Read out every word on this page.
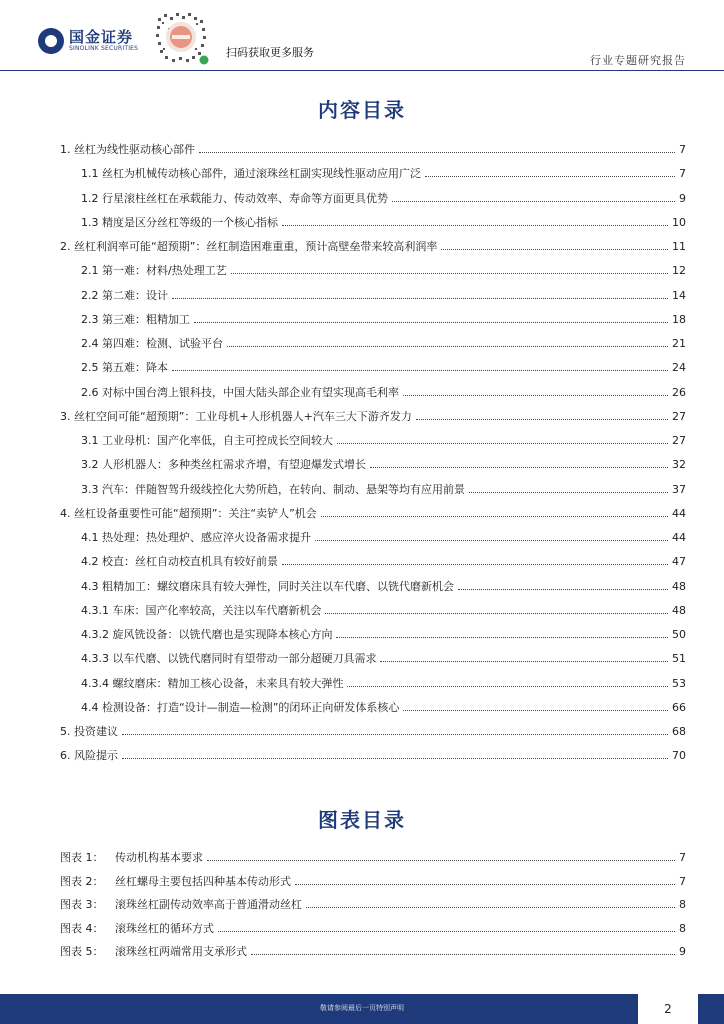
国金证券
SINOLINK SECURITIES	扫码获取更多服务
行业专题研究报告
内容目录
1. 丝杠为线性驱动核心部件	7
1.1 丝杠为机械传动核心部件，通过滚珠丝杠副实现线性驱动应用广泛	7
1.2 行星滚柱丝杠在承载能力、传动效率、寿命等方面更具优势	9
1.3 精度是区分丝杠等级的一个核心指标	10
2. 丝杠利润率可能“超预期”：丝杠制造困难重重，预计高壁垒带来较高利润率	11
2.1 第一难：材料/热处理工艺	12
2.2 第二难：设计	14
2.3 第三难：粗精加工	18
2.4 第四难：检测、试验平台	21
2.5 第五难：降本	24
2.6 对标中国台湾上银科技，中国大陆头部企业有望实现高毛利率	26
3. 丝杠空间可能“超预期”：工业母机+人形机器人+汽车三大下游齐发力	27
3.1 工业母机：国产化率低，自主可控成长空间较大	27
3.2 人形机器人：多种类丝杠需求齐增，有望迎爆发式增长	32
3.3 汽车：伴随智驾升级线控化大势所趋，在转向、制动、悬架等均有应用前景	37
4. 丝杠设备重要性可能“超预期”：关注“卖铲人”机会	44
4.1 热处理：热处理炉、感应淬火设备需求提升	44
4.2 校直：丝杠自动校直机具有较好前景	47
4.3 粗精加工：螺纹磨床具有较大弹性，同时关注以车代磨、以铣代磨新机会	48
4.3.1 车床：国产化率较高，关注以车代磨新机会	48
4.3.2 旋风铣设备：以铣代磨也是实现降本核心方向	50
4.3.3 以车代磨、以铣代磨同时有望带动一部分超硬刀具需求	51
4.3.4 螺纹磨床：精加工核心设备，未来具有较大弹性	53
4.4 检测设备：打造“设计—制造—检测”的闭环正向研发体系核心	66
5. 投资建议	68
6. 风险提示	70
图表目录
图表 1：	传动机构基本要求	7
图表 2：	丝杠螺母主要包括四种基本传动形式	7
图表 3：	滚珠丝杠副传动效率高于普通滑动丝杠	8
图表 4：	滚珠丝杠的循环方式	8
图表 5：	滚珠丝杠两端常用支承形式	9
敬请参阅最后一页特别声明	2
